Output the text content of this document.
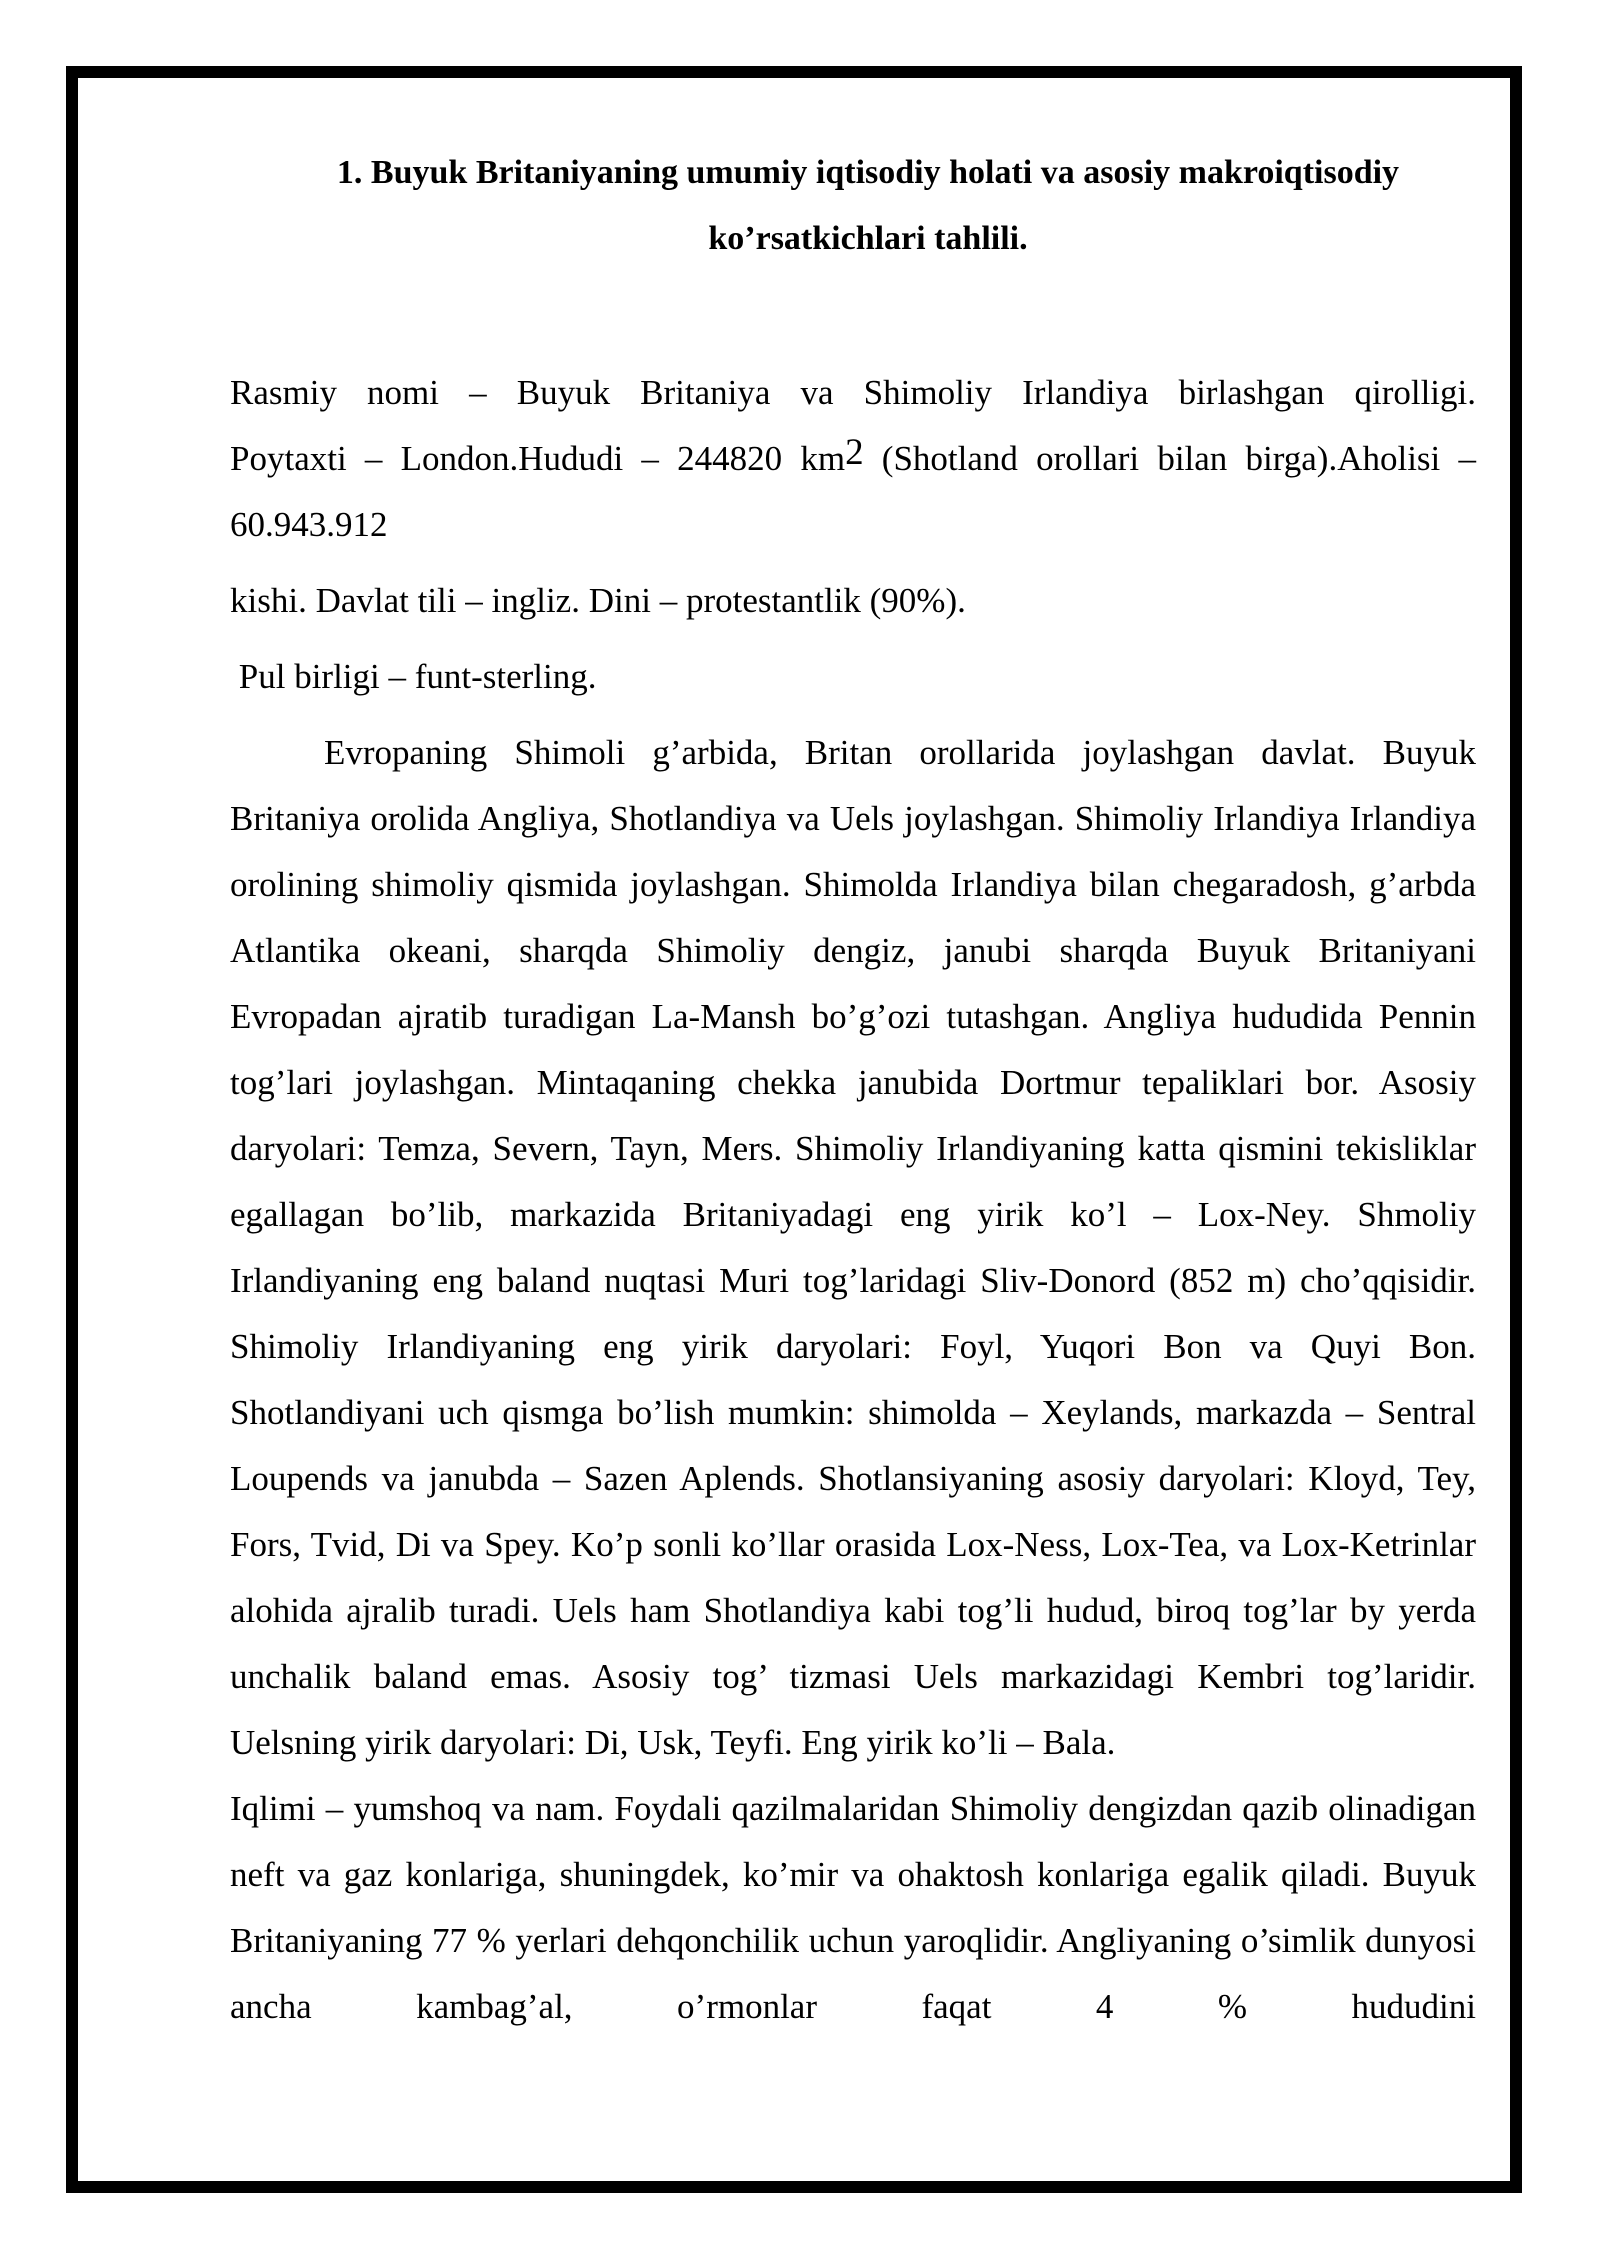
1. Buyuk Britaniyaning umumiy iqtisodiy holati va asosiy makroiqtisodiy
ko’rsatkichlari tahlili.
Rasmiy nomi – Buyuk Britaniya va Shimoliy Irlandiya birlashgan qirolligi.
Poytaxti – London.Hududi – 244820 km2 (Shotland orollari bilan birga).Aholisi –
60.943.912
kishi. Davlat tili – ingliz. Dini – protestantlik (90%).
Pul birligi – funt-sterling.

Evropaning Shimoli g’arbida, Britan orollarida joylashgan davlat. Buyuk Britaniya orolida Angliya, Shotlandiya va Uels joylashgan. Shimoliy Irlandiya Irlandiya orolining shimoliy qismida joylashgan. Shimolda Irlandiya bilan chegaradosh, g’arbda Atlantika okeani, sharqda Shimoliy dengiz, janubi sharqda Buyuk Britaniyani Evropadan ajratib turadigan La-Mansh bo’g’ozi tutashgan. Angliya hududida Pennin tog’lari joylashgan. Mintaqaning chekka janubida Dortmur tepaliklari bor. Asosiy daryolari: Temza, Severn, Tayn, Mers. Shimoliy Irlandiyaning katta qismini tekisliklar egallagan bo’lib, markazida Britaniyadagi eng yirik ko’l – Lox-Ney. Shmoliy Irlandiyaning eng baland nuqtasi Muri tog’laridagi Sliv-Donord (852 m) cho’qqisidir. Shimoliy Irlandiyaning eng yirik daryolari: Foyl, Yuqori Bon va Quyi Bon. Shotlandiyani uch qismga bo’lish mumkin: shimolda – Xeylands, markazda – Sentral Loupends va janubda – Sazen Aplends. Shotlansiyaning asosiy daryolari: Kloyd, Tey, Fors, Tvid, Di va Spey. Ko’p sonli ko’llar orasida Lox-Ness, Lox-Tea, va Lox-Ketrinlar alohida ajralib turadi. Uels ham Shotlandiya kabi tog’li hudud, biroq tog’lar by yerda unchalik baland emas. Asosiy tog’ tizmasi Uels markazidagi Kembri tog’laridir. Uelsning yirik daryolari: Di, Usk, Teyfi. Eng yirik ko’li – Bala.

Iqlimi – yumshoq va nam. Foydali qazilmalaridan Shimoliy dengizdan qazib olinadigan neft va gaz konlariga, shuningdek, ko’mir va ohaktosh konlariga egalik qiladi. Buyuk Britaniyaning 77 % yerlari dehqonchilik uchun yaroqlidir. Angliyaning o’simlik dunyosi ancha kambag’al, o’rmonlar faqat 4 % hududini
